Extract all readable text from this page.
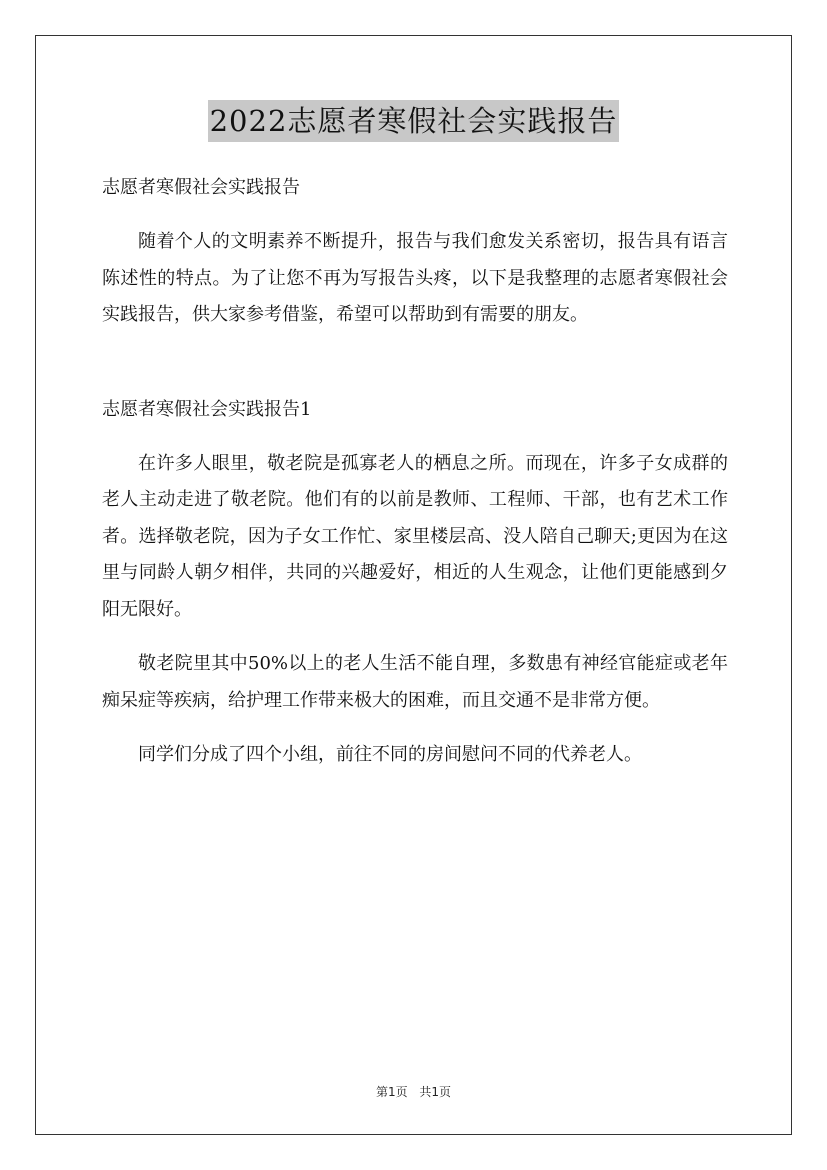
2022志愿者寒假社会实践报告

志愿者寒假社会实践报告

随着个人的文明素养不断提升，报告与我们愈发关系密切，报告具有语言陈述性的特点。为了让您不再为写报告头疼，以下是我整理的志愿者寒假社会实践报告，供大家参考借鉴，希望可以帮助到有需要的朋友。

志愿者寒假社会实践报告1

在许多人眼里，敬老院是孤寡老人的栖息之所。而现在，许多子女成群的老人主动走进了敬老院。他们有的以前是教师、工程师、干部，也有艺术工作者。选择敬老院，因为子女工作忙、家里楼层高、没人陪自己聊天;更因为在这里与同龄人朝夕相伴，共同的兴趣爱好，相近的人生观念，让他们更能感到夕阳无限好。

敬老院里其中50%以上的老人生活不能自理，多数患有神经官能症或老年痴呆症等疾病，给护理工作带来极大的困难，而且交通不是非常方便。

同学们分成了四个小组，前往不同的房间慰问不同的代养老人。

第1页 共1页
